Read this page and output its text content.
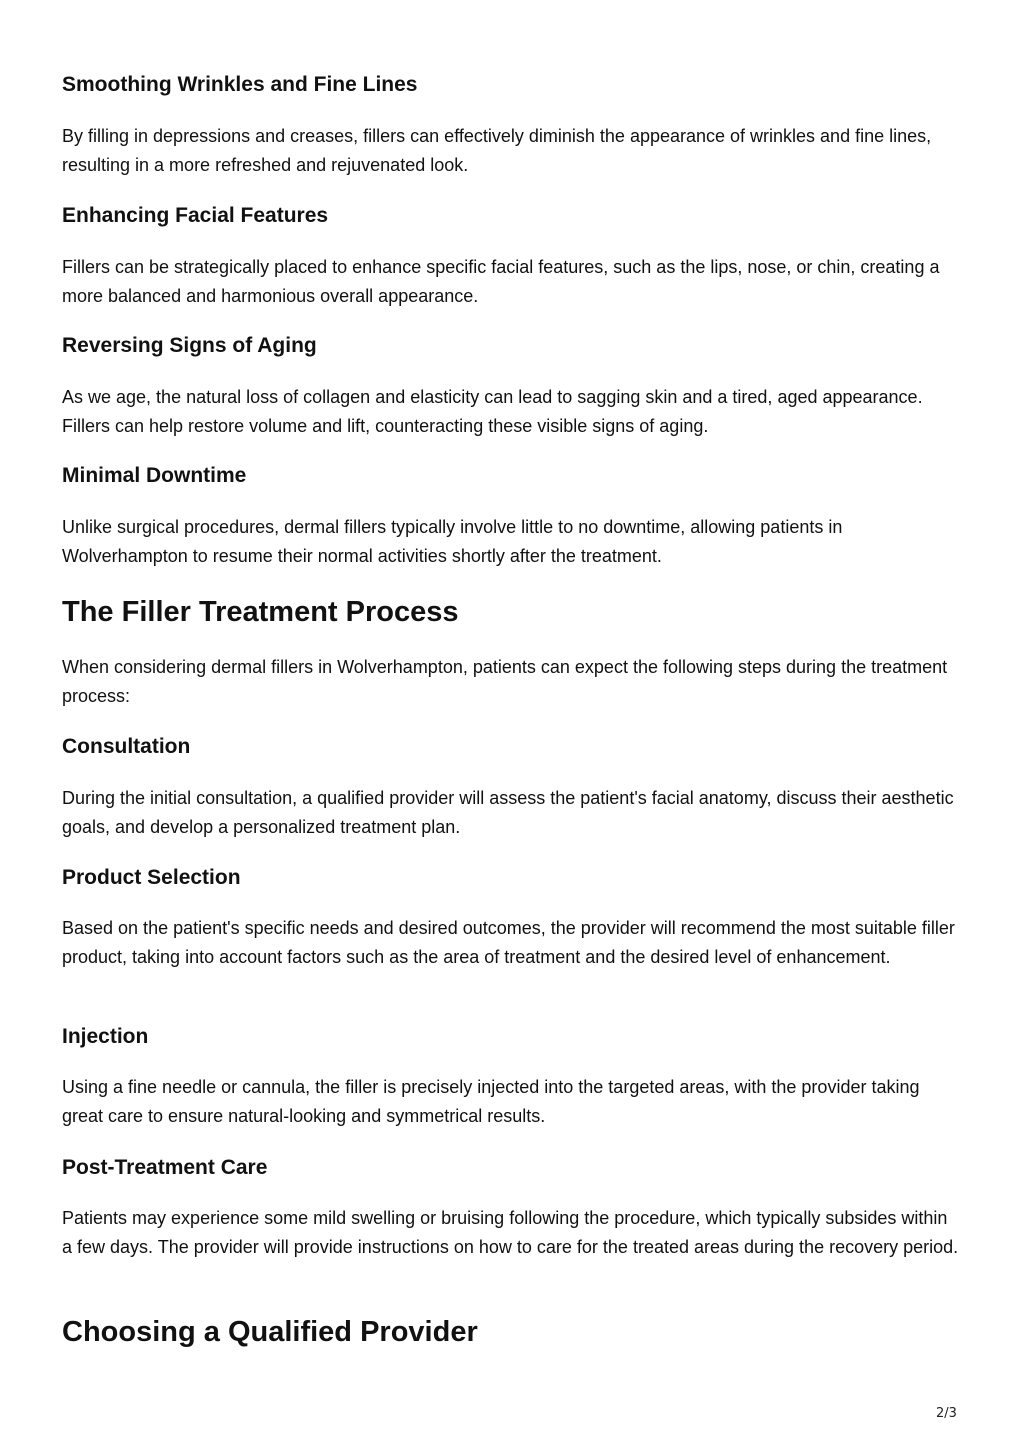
Smoothing Wrinkles and Fine Lines

By filling in depressions and creases, fillers can effectively diminish the appearance of wrinkles and fine lines, resulting in a more refreshed and rejuvenated look.

Enhancing Facial Features

Fillers can be strategically placed to enhance specific facial features, such as the lips, nose, or chin, creating a more balanced and harmonious overall appearance.

Reversing Signs of Aging

As we age, the natural loss of collagen and elasticity can lead to sagging skin and a tired, aged appearance. Fillers can help restore volume and lift, counteracting these visible signs of aging.

Minimal Downtime

Unlike surgical procedures, dermal fillers typically involve little to no downtime, allowing patients in Wolverhampton to resume their normal activities shortly after the treatment.

The Filler Treatment Process

When considering dermal fillers in Wolverhampton, patients can expect the following steps during the treatment process:

Consultation

During the initial consultation, a qualified provider will assess the patient's facial anatomy, discuss their aesthetic goals, and develop a personalized treatment plan.

Product Selection

Based on the patient's specific needs and desired outcomes, the provider will recommend the most suitable filler product, taking into account factors such as the area of treatment and the desired level of enhancement.

Injection

Using a fine needle or cannula, the filler is precisely injected into the targeted areas, with the provider taking great care to ensure natural-looking and symmetrical results.

Post-Treatment Care

Patients may experience some mild swelling or bruising following the procedure, which typically subsides within a few days. The provider will provide instructions on how to care for the treated areas during the recovery period.

Choosing a Qualified Provider
2/3
